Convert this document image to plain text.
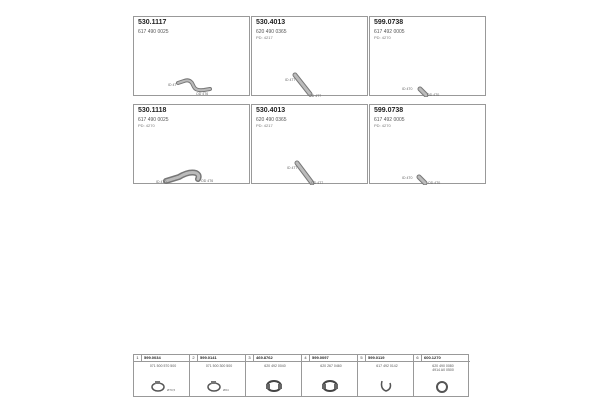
530.1117
617 490 0025
ID 4T
OD 4T6
530.4013
620 490 0365
PD: 4217
ID 4T7
OD 4T7
599.0738
617 492 0005
PD: 4270
ID 4T0
OD 4T0
530.1118
617 490 0025
PD: 4270
ID 4T0	OD 4T6
530.4013
620 490 0365
PD: 4217
ID 4T7
OD 4T7
599.0738
617 492 0005
PD: 4270
ID 4T0
OD 4T0
1	599.0034
071 500 570 500
Ø70,5
2	599.0141
071 500 300 500
Ø64
3	469.8762
620 492 0040
4	599.0097
620 267 0460
5	599.0119
617 492 0142
6	600.1270
620 490 0080
4914 A0 0500
